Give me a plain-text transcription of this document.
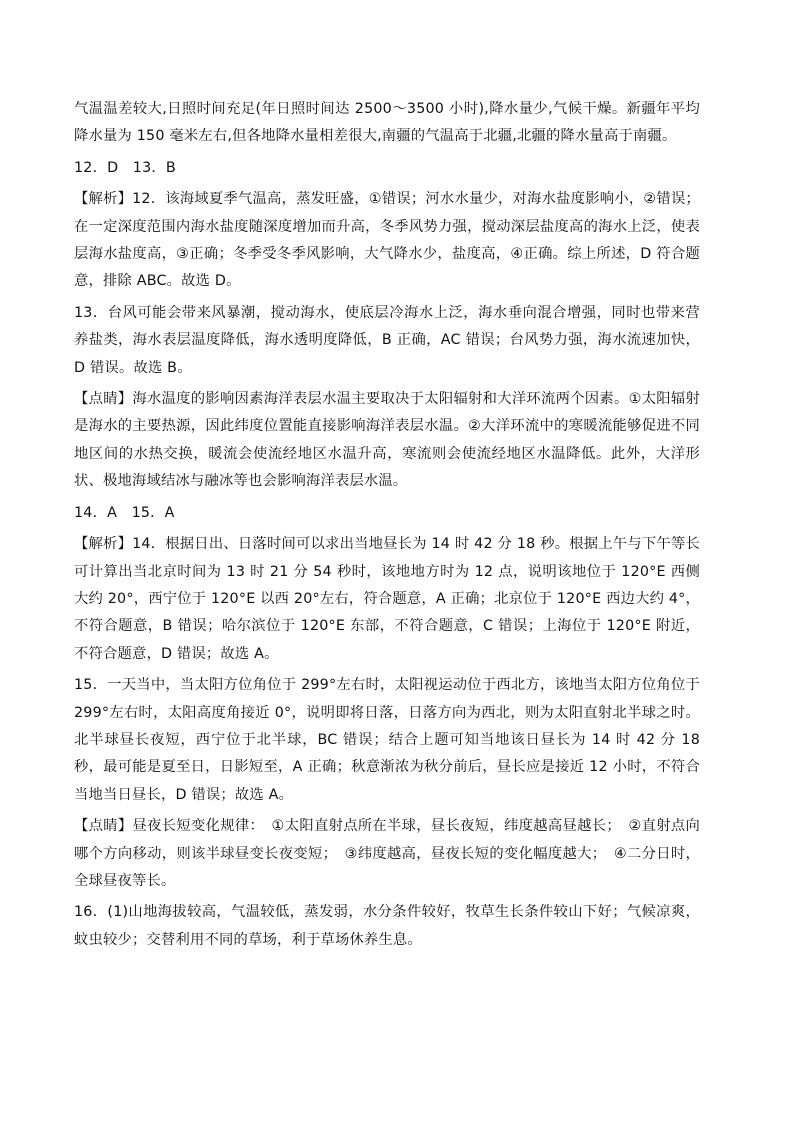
气温温差较大,日照时间充足(年日照时间达 2500～3500 小时),降水量少,气候干燥。新疆年平均降水量为 150 毫米左右,但各地降水量相差很大,南疆的气温高于北疆,北疆的降水量高于南疆。

12．D　13．B

【解析】12．该海域夏季气温高，蒸发旺盛，①错误；河水水量少，对海水盐度影响小，②错误；在一定深度范围内海水盐度随深度增加而升高，冬季风势力强，搅动深层盐度高的海水上泛，使表层海水盐度高，③正确；冬季受冬季风影响，大气降水少，盐度高，④正确。综上所述，D 符合题意，排除 ABC。故选 D。

13．台风可能会带来风暴潮，搅动海水，使底层冷海水上泛，海水垂向混合增强，同时也带来营养盐类，海水表层温度降低，海水透明度降低，B 正确，AC 错误；台风势力强，海水流速加快，D 错误。故选 B。

【点睛】海水温度的影响因素海洋表层水温主要取决于太阳辐射和大洋环流两个因素。①太阳辐射是海水的主要热源，因此纬度位置能直接影响海洋表层水温。②大洋环流中的寒暖流能够促进不同地区间的水热交换，暖流会使流经地区水温升高，寒流则会使流经地区水温降低。此外，大洋形状、极地海域结冰与融冰等也会影响海洋表层水温。

14．A　15．A

【解析】14．根据日出、日落时间可以求出当地昼长为 14 时 42 分 18 秒。根据上午与下午等长可计算出当北京时间为 13 时 21 分 54 秒时，该地地方时为 12 点，说明该地位于 120°E 西侧大约 20°，西宁位于 120°E 以西 20°左右，符合题意，A 正确；北京位于 120°E 西边大约 4°，不符合题意，B 错误；哈尔滨位于 120°E 东部，不符合题意，C 错误；上海位于 120°E 附近，不符合题意，D 错误；故选 A。

15．一天当中，当太阳方位角位于 299°左右时，太阳视运动位于西北方，该地当太阳方位角位于 299°左右时，太阳高度角接近 0°，说明即将日落，日落方向为西北，则为太阳直射北半球之时。北半球昼长夜短，西宁位于北半球，BC 错误；结合上题可知当地该日昼长为 14 时 42 分 18 秒，最可能是夏至日，日影短至，A 正确；秋意渐浓为秋分前后，昼长应是接近 12 小时，不符合当地当日昼长，D 错误；故选 A。

【点睛】昼夜长短变化规律：　①太阳直射点所在半球，昼长夜短，纬度越高昼越长；　②直射点向哪个方向移动，则该半球昼变长夜变短；　③纬度越高，昼夜长短的变化幅度越大；　④二分日时，全球昼夜等长。

16．(1)山地海拔较高，气温较低，蒸发弱，水分条件较好，牧草生长条件较山下好；气候凉爽，蚊虫较少；交替利用不同的草场，利于草场休养生息。
